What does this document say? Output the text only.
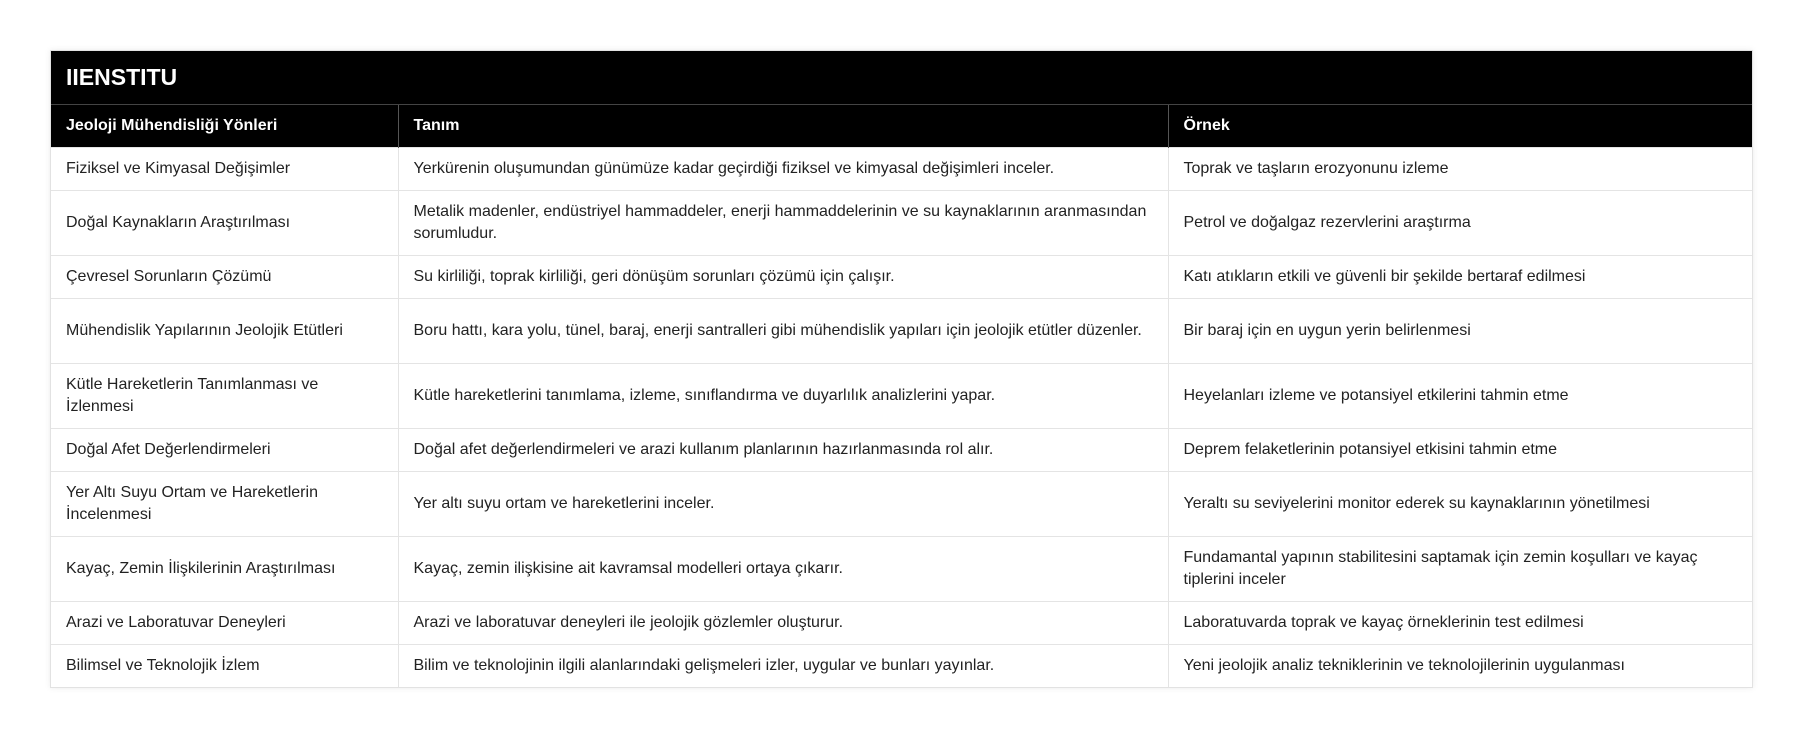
IIENSTITU
Jeoloji Mühendisliği Yönleri	Tanım	Örnek
Fiziksel ve Kimyasal Değişimler	Yerkürenin oluşumundan günümüze kadar geçirdiği fiziksel ve kimyasal değişimleri inceler.	Toprak ve taşların erozyonunu izleme
Doğal Kaynakların Araştırılması	Metalik madenler, endüstriyel hammaddeler, enerji hammaddelerinin ve su kaynaklarının aranmasından sorumludur.	Petrol ve doğalgaz rezervlerini araştırma
Çevresel Sorunların Çözümü	Su kirliliği, toprak kirliliği, geri dönüşüm sorunları çözümü için çalışır.	Katı atıkların etkili ve güvenli bir şekilde bertaraf edilmesi
Mühendislik Yapılarının Jeolojik Etütleri	Boru hattı, kara yolu, tünel, baraj, enerji santralleri gibi mühendislik yapıları için jeolojik etütler düzenler.	Bir baraj için en uygun yerin belirlenmesi
Kütle Hareketlerin Tanımlanması ve İzlenmesi	Kütle hareketlerini tanımlama, izleme, sınıflandırma ve duyarlılık analizlerini yapar.	Heyelanları izleme ve potansiyel etkilerini tahmin etme
Doğal Afet Değerlendirmeleri	Doğal afet değerlendirmeleri ve arazi kullanım planlarının hazırlanmasında rol alır.	Deprem felaketlerinin potansiyel etkisini tahmin etme
Yer Altı Suyu Ortam ve Hareketlerin İncelenmesi	Yer altı suyu ortam ve hareketlerini inceler.	Yeraltı su seviyelerini monitor ederek su kaynaklarının yönetilmesi
Kayaç, Zemin İlişkilerinin Araştırılması	Kayaç, zemin ilişkisine ait kavramsal modelleri ortaya çıkarır.	Fundamantal yapının stabilitesini saptamak için zemin koşulları ve kayaç tiplerini inceler
Arazi ve Laboratuvar Deneyleri	Arazi ve laboratuvar deneyleri ile jeolojik gözlemler oluşturur.	Laboratuvarda toprak ve kayaç örneklerinin test edilmesi
Bilimsel ve Teknolojik İzlem	Bilim ve teknolojinin ilgili alanlarındaki gelişmeleri izler, uygular ve bunları yayınlar.	Yeni jeolojik analiz tekniklerinin ve teknolojilerinin uygulanması
